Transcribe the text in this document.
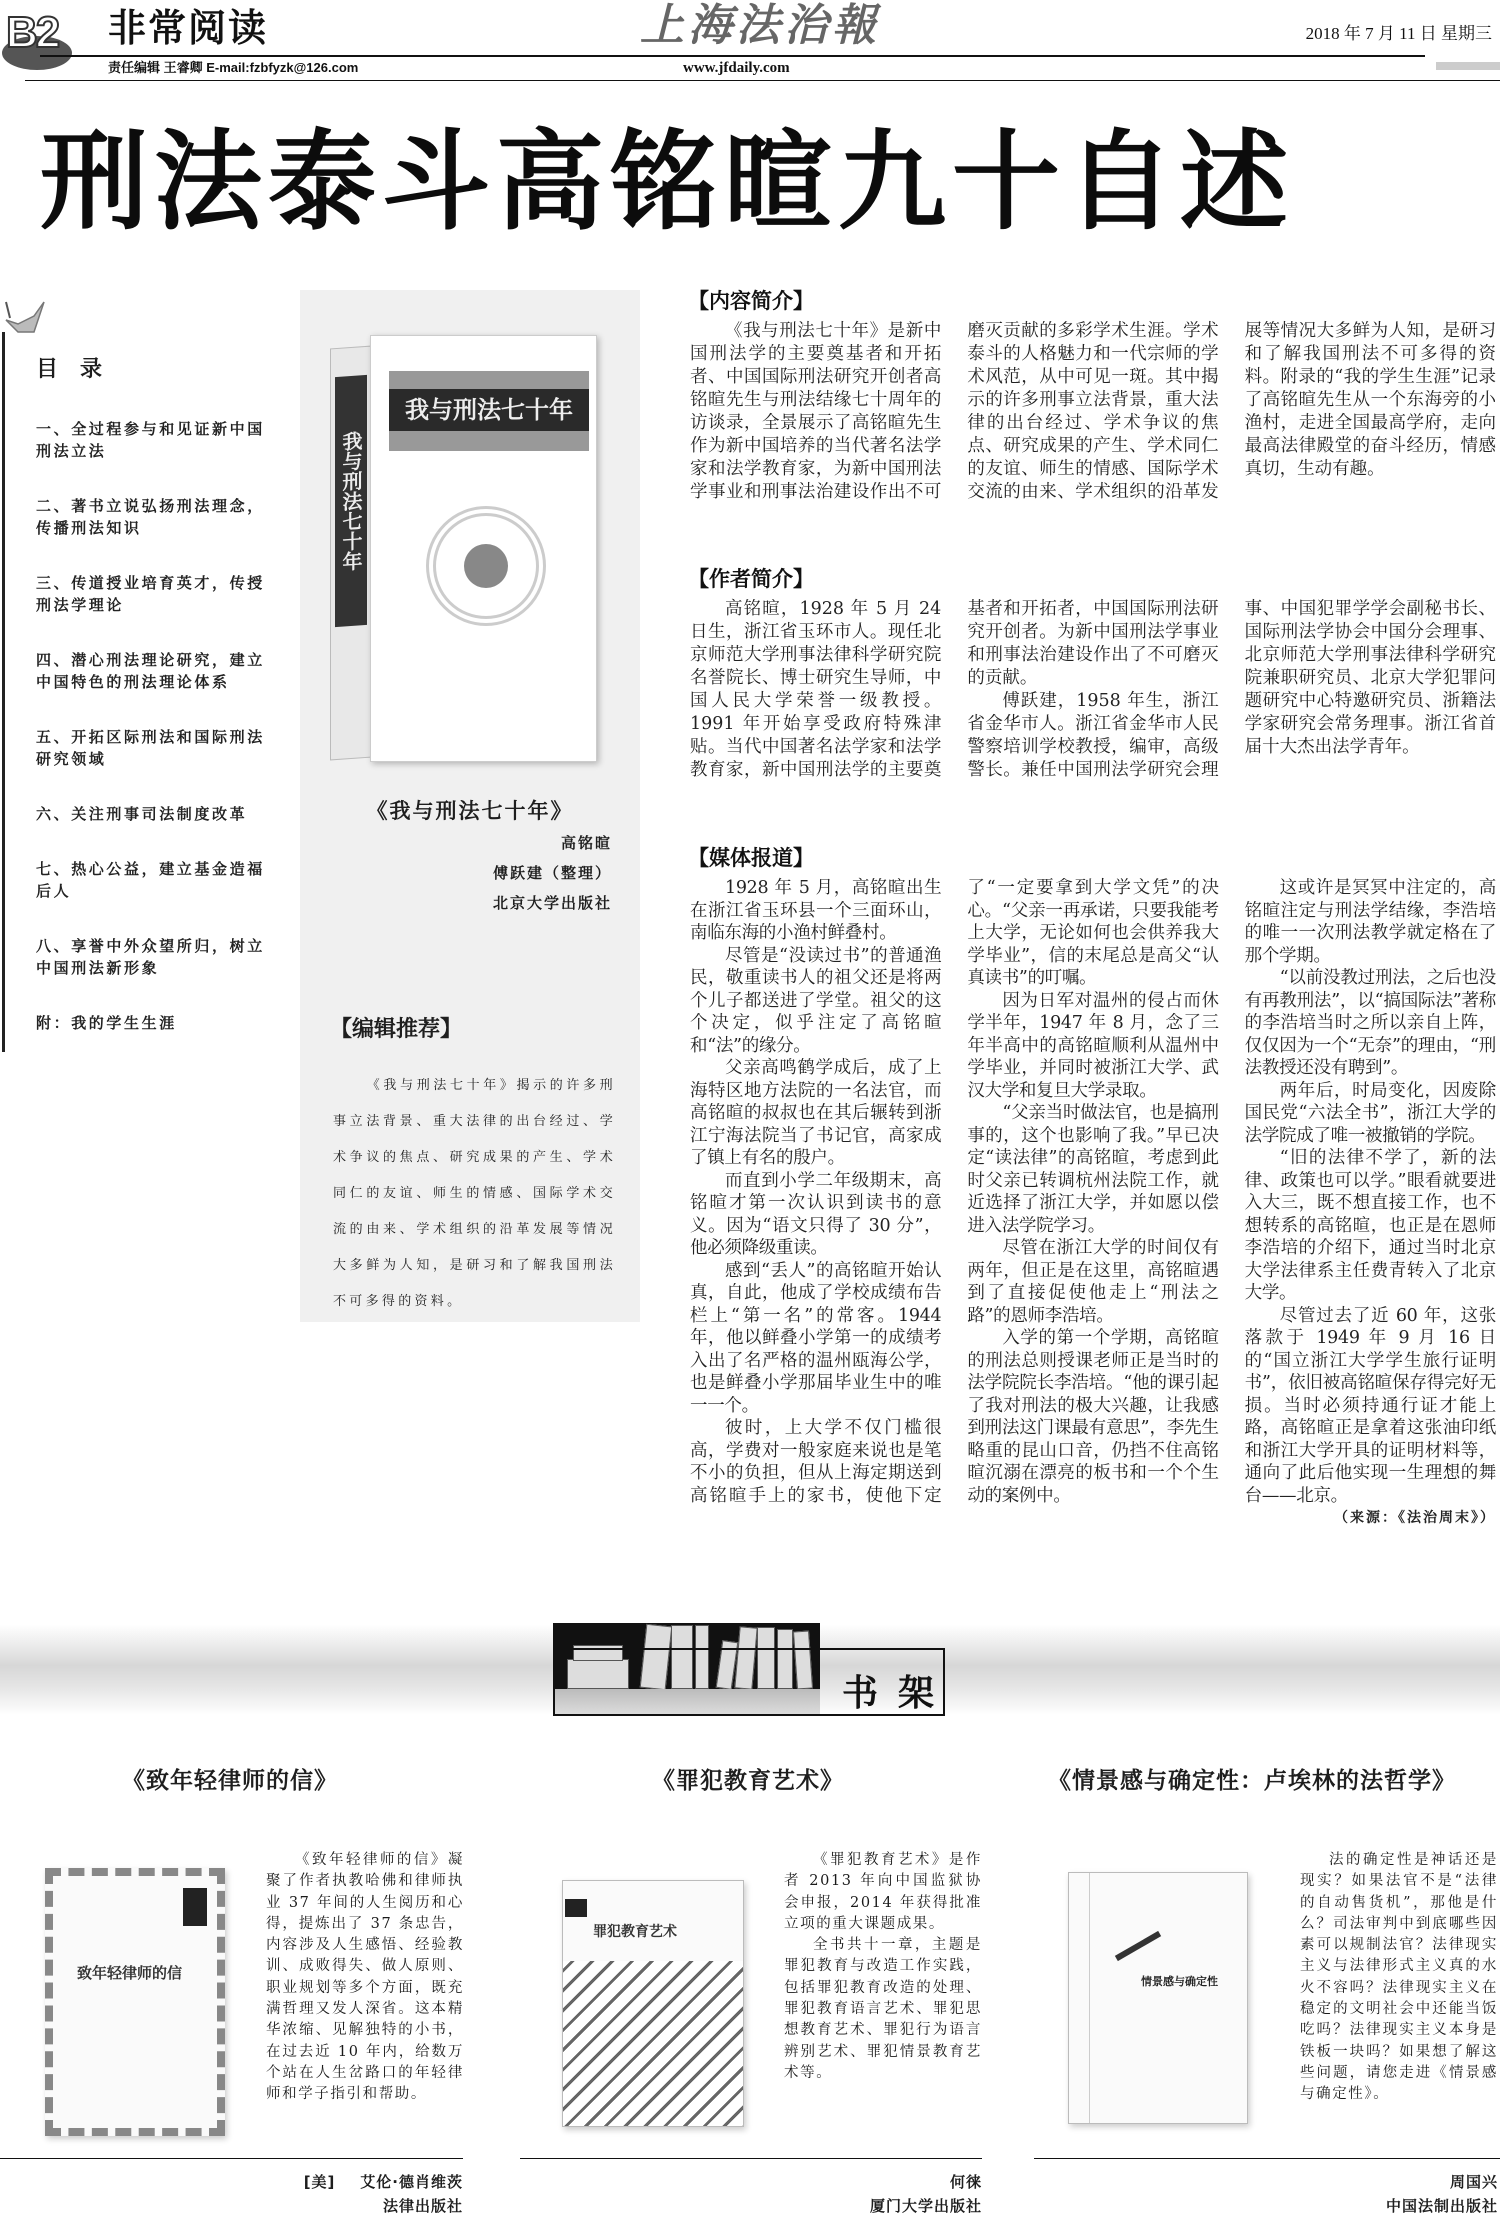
B2 非常阅读	上海法治報	2018 年 7 月 11 日 星期三
责任编辑 王睿卿 E-mail:fzbfyzk@126.com	www.jfdaily.com
刑法泰斗高铭暄九十自述
目录
一、全过程参与和见证新中国刑法立法
二、著书立说弘扬刑法理念，传播刑法知识
三、传道授业培育英才，传授刑法学理论
四、潜心刑法理论研究，建立中国特色的刑法理论体系
五、开拓区际刑法和国际刑法研究领域
六、关注刑事司法制度改革
七、热心公益，建立基金造福后人
八、享誉中外众望所归，树立中国刑法新形象
附：我的学生生涯
我与刑法七十年
我与刑法七十年
《我与刑法七十年》
高铭暄
傅跃建（整理）
北京大学出版社
【编辑推荐】
《我与刑法七十年》揭示的许多刑事立法背景、重大法律的出台经过、学术争议的焦点、研究成果的产生、学术同仁的友谊、师生的情感、国际学术交流的由来、学术组织的沿革发展等情况大多鲜为人知，是研习和了解我国刑法不可多得的资料。
【内容简介】

《我与刑法七十年》是新中国刑法学的主要奠基者和开拓者、中国国际刑法研究开创者高铭暄先生与刑法结缘七十周年的访谈录，全景展示了高铭暄先生作为新中国培养的当代著名法学家和法学教育家，为新中国刑法学事业和刑事法治建设作出不可磨灭贡献的多彩学术生涯。学术泰斗的人格魅力和一代宗师的学术风范，从中可见一斑。其中揭示的许多刑事立法背景，重大法律的出台经过、学术争议的焦点、研究成果的产生、学术同仁的友谊、师生的情感、国际学术交流的由来、学术组织的沿革发展等情况大多鲜为人知，是研习和了解我国刑法不可多得的资料。附录的“我的学生生涯”记录了高铭暄先生从一个东海旁的小渔村，走进全国最高学府，走向最高法律殿堂的奋斗经历，情感真切，生动有趣。

【作者简介】

高铭暄，1928 年 5 月 24 日生，浙江省玉环市人。现任北京师范大学刑事法律科学研究院名誉院长、博士研究生导师，中国人民大学荣誉一级教授。1991 年开始享受政府特殊津贴。当代中国著名法学家和法学教育家，新中国刑法学的主要奠基者和开拓者，中国国际刑法研究开创者。为新中国刑法学事业和刑事法治建设作出了不可磨灭的贡献。

傅跃建，1958 年生，浙江省金华市人。浙江省金华市人民警察培训学校教授，编审，高级警长。兼任中国刑法学研究会理事、中国犯罪学学会副秘书长、国际刑法学协会中国分会理事、北京师范大学刑事法律科学研究院兼职研究员、北京大学犯罪问题研究中心特邀研究员、浙籍法学家研究会常务理事。浙江省首届十大杰出法学青年。

【媒体报道】

1928 年 5 月，高铭暄出生在浙江省玉环县一个三面环山，南临东海的小渔村鲜叠村。

尽管是“没读过书”的普通渔民，敬重读书人的祖父还是将两个儿子都送进了学堂。祖父的这个决定，似乎注定了高铭暄和“法”的缘分。

父亲高鸣鹤学成后，成了上海特区地方法院的一名法官，而高铭暄的叔叔也在其后辗转到浙江宁海法院当了书记官，高家成了镇上有名的殷户。

而直到小学二年级期末，高铭暄才第一次认识到读书的意义。因为“语文只得了 30 分”，他必须降级重读。

感到“丢人”的高铭暄开始认真，自此，他成了学校成绩布告栏上“第一名”的常客。1944 年，他以鲜叠小学第一的成绩考入出了名严格的温州瓯海公学，也是鲜叠小学那届毕业生中的唯一一个。

彼时，上大学不仅门槛很高，学费对一般家庭来说也是笔不小的负担，但从上海定期送到高铭暄手上的家书，使他下定了“一定要拿到大学文凭”的决心。“父亲一再承诺，只要我能考上大学，无论如何也会供养我大学毕业”，信的末尾总是高父“认真读书”的叮嘱。

因为日军对温州的侵占而休学半年，1947 年 8 月，念了三年半高中的高铭暄顺利从温州中学毕业，并同时被浙江大学、武汉大学和复旦大学录取。

“父亲当时做法官，也是搞刑事的，这个也影响了我。”早已决定“读法律”的高铭暄，考虑到此时父亲已转调杭州法院工作，就近选择了浙江大学，并如愿以偿进入法学院学习。

尽管在浙江大学的时间仅有两年，但正是在这里，高铭暄遇到了直接促使他走上“刑法之路”的恩师李浩培。

入学的第一个学期，高铭暄的刑法总则授课老师正是当时的法学院院长李浩培。“他的课引起了我对刑法的极大兴趣，让我感到刑法这门课最有意思”，李先生略重的昆山口音，仍挡不住高铭暄沉溺在漂亮的板书和一个个生动的案例中。

这或许是冥冥中注定的，高铭暄注定与刑法学结缘，李浩培的唯一一次刑法教学就定格在了那个学期。

“以前没教过刑法，之后也没有再教刑法”，以“搞国际法”著称的李浩培当时之所以亲自上阵，仅仅因为一个“无奈”的理由，“刑法教授还没有聘到”。

两年后，时局变化，因废除国民党“六法全书”，浙江大学的法学院成了唯一被撤销的学院。

“旧的法律不学了，新的法律、政策也可以学。”眼看就要进入大三，既不想直接工作，也不想转系的高铭暄，也正是在恩师李浩培的介绍下，通过当时北京大学法律系主任费青转入了北京大学。

尽管过去了近 60 年，这张落款于 1949 年 9 月 16 日的“国立浙江大学学生旅行证明书”，依旧被高铭暄保存得完好无损。当时必须持通行证才能上路，高铭暄正是拿着这张油印纸和浙江大学开具的证明材料等，通向了此后他实现一生理想的舞台——北京。

（来源：《法治周末》）

书架
《致年轻律师的信》
致年轻律师的信

《致年轻律师的信》凝聚了作者执教哈佛和律师执业 37 年间的人生阅历和心得，提炼出了 37 条忠告，内容涉及人生感悟、经验教训、成败得失、做人原则、职业规划等多个方面，既充满哲理又发人深省。这本精华浓缩、见解独特的小书，在过去近 10 年内，给数万个站在人生岔路口的年轻律师和学子指引和帮助。

[美]    艾伦·德肖维茨
法律出版社
《罪犯教育艺术》
罪犯教育艺术

《罪犯教育艺术》是作者 2013 年向中国监狱协会申报，2014 年获得批准立项的重大课题成果。

全书共十一章，主题是罪犯教育与改造工作实践，包括罪犯教育改造的处理、罪犯教育语言艺术、罪犯思想教育艺术、罪犯行为语言辨别艺术、罪犯情景教育艺术等。

何徕
厦门大学出版社
《情景感与确定性：卢埃林的法哲学》
情景感与确定性

法的确定性是神话还是现实？如果法官不是“法律的自动售货机”，那他是什么？司法审判中到底哪些因素可以规制法官？法律现实主义与法律形式主义真的水火不容吗？法律现实主义在稳定的文明社会中还能当饭吃吗？法律现实主义本身是铁板一块吗？如果想了解这些问题，请您走进《情景感与确定性》。

周国兴
中国法制出版社
